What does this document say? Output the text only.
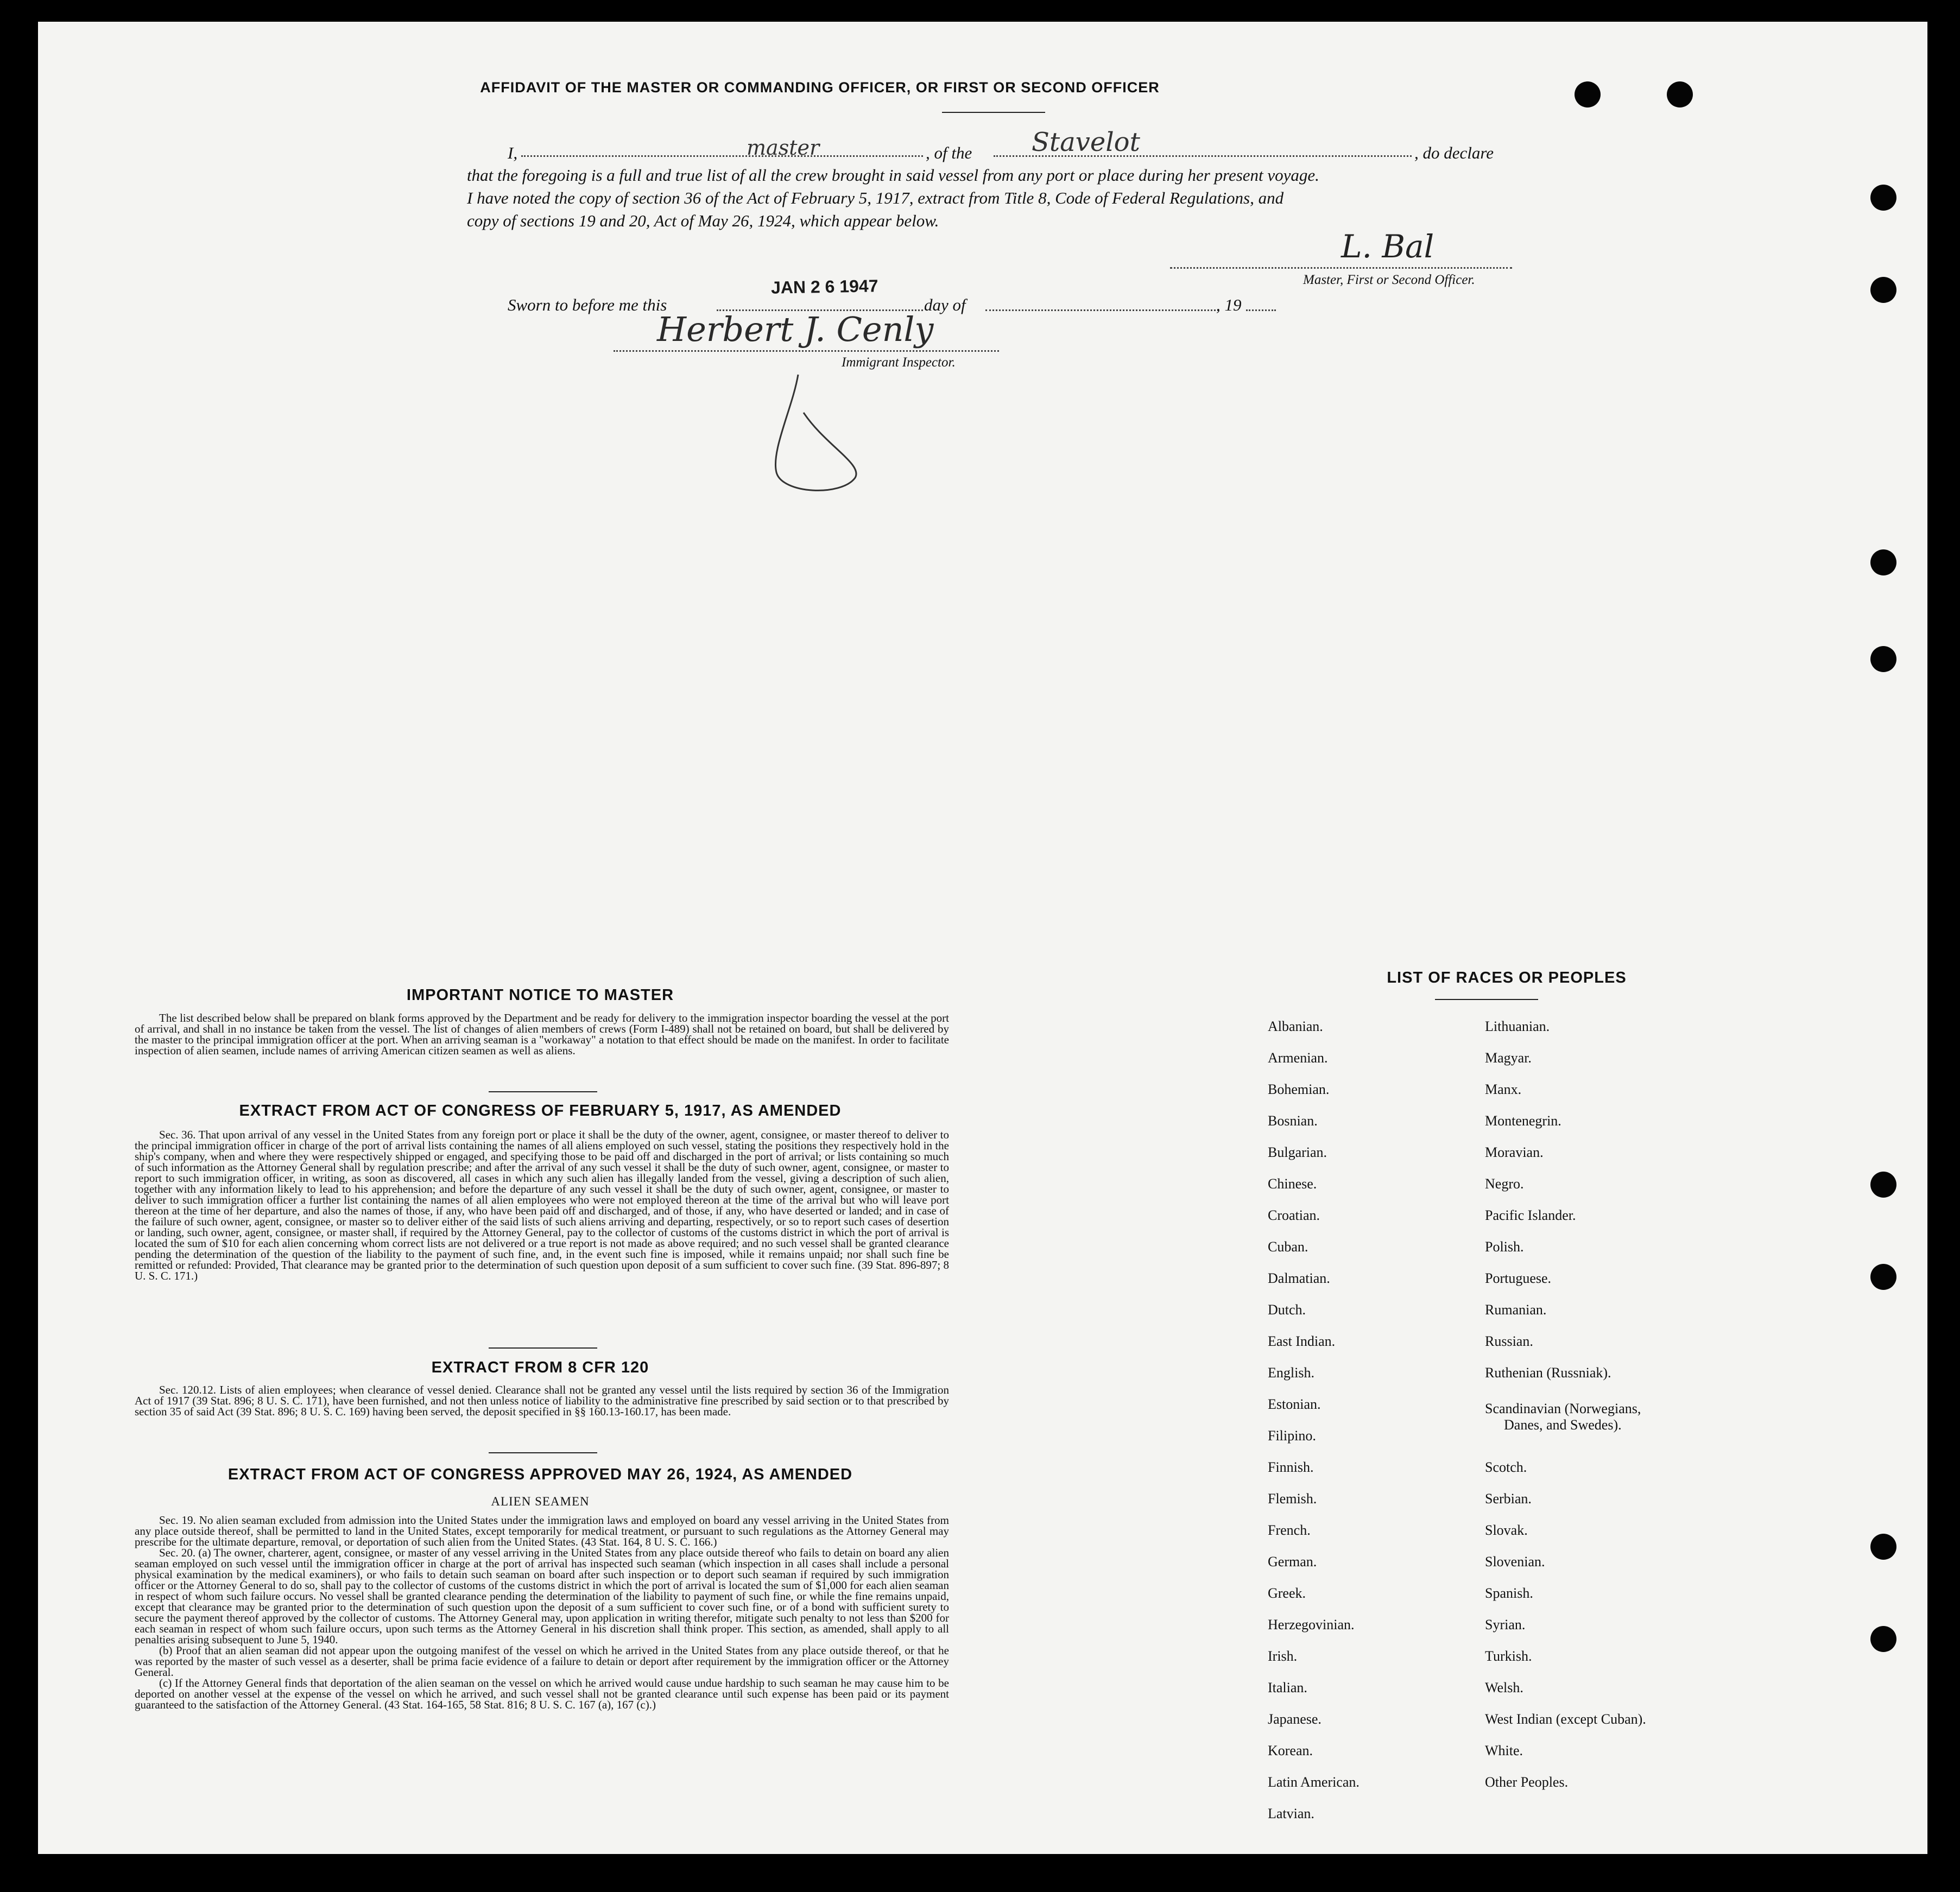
AFFIDAVIT OF THE MASTER OR COMMANDING OFFICER, OR FIRST OR SECOND OFFICER
I,	master	, of the Stavelot	, do declare

that the foregoing is a full and true list of all the crew brought in said vessel from any port or place during her present voyage.

I have noted the copy of section 36 of the Act of February 5, 1917, extract from Title 8, Code of Federal Regulations, and

copy of sections 19 and 20, Act of May 26, 1924, which appear below.

L. Bal
Master, First or Second Officer.
Sworn to before me this
JAN 2 6 1947
day of	, 19
Herbert J. Cenly
Immigrant Inspector.
IMPORTANT NOTICE TO MASTER
The list described below shall be prepared on blank forms approved by the Department and be ready for delivery to the immigration inspector boarding the vessel at the port of arrival, and shall in no instance be taken from the vessel. The list of changes of alien members of crews (Form I-489) shall not be retained on board, but shall be delivered by the master to the principal immigration officer at the port. When an arriving seaman is a "workaway" a notation to that effect should be made on the manifest. In order to facilitate inspection of alien seamen, include names of arriving American citizen seamen as well as aliens.
EXTRACT FROM ACT OF CONGRESS OF FEBRUARY 5, 1917, AS AMENDED
Sec. 36. That upon arrival of any vessel in the United States from any foreign port or place it shall be the duty of the owner, agent, consignee, or master thereof to deliver to the principal immigration officer in charge of the port of arrival lists containing the names of all aliens employed on such vessel, stating the positions they respectively hold in the ship's company, when and where they were respectively shipped or engaged, and specifying those to be paid off and discharged in the port of arrival; or lists containing so much of such information as the Attorney General shall by regulation prescribe; and after the arrival of any such vessel it shall be the duty of such owner, agent, consignee, or master to report to such immigration officer, in writing, as soon as discovered, all cases in which any such alien has illegally landed from the vessel, giving a description of such alien, together with any information likely to lead to his apprehension; and before the departure of any such vessel it shall be the duty of such owner, agent, consignee, or master to deliver to such immigration officer a further list containing the names of all alien employees who were not employed thereon at the time of the arrival but who will leave port thereon at the time of her departure, and also the names of those, if any, who have been paid off and discharged, and of those, if any, who have deserted or landed; and in case of the failure of such owner, agent, consignee, or master so to deliver either of the said lists of such aliens arriving and departing, respectively, or so to report such cases of desertion or landing, such owner, agent, consignee, or master shall, if required by the Attorney General, pay to the collector of customs of the customs district in which the port of arrival is located the sum of $10 for each alien concerning whom correct lists are not delivered or a true report is not made as above required; and no such vessel shall be granted clearance pending the determination of the question of the liability to the payment of such fine, and, in the event such fine is imposed, while it remains unpaid; nor shall such fine be remitted or refunded: Provided, That clearance may be granted prior to the determination of such question upon deposit of a sum sufficient to cover such fine. (39 Stat. 896-897; 8 U. S. C. 171.)
EXTRACT FROM 8 CFR 120
Sec. 120.12. Lists of alien employees; when clearance of vessel denied. Clearance shall not be granted any vessel until the lists required by section 36 of the Immigration Act of 1917 (39 Stat. 896; 8 U. S. C. 171), have been furnished, and not then unless notice of liability to the administrative fine prescribed by said section or to that prescribed by section 35 of said Act (39 Stat. 896; 8 U. S. C. 169) having been served, the deposit specified in §§ 160.13-160.17, has been made.
EXTRACT FROM ACT OF CONGRESS APPROVED MAY 26, 1924, AS AMENDED
ALIEN SEAMEN

Sec. 19. No alien seaman excluded from admission into the United States under the immigration laws and employed on board any vessel arriving in the United States from any place outside thereof, shall be permitted to land in the United States, except temporarily for medical treatment, or pursuant to such regulations as the Attorney General may prescribe for the ultimate departure, removal, or deportation of such alien from the United States. (43 Stat. 164, 8 U. S. C. 166.)

Sec. 20. (a) The owner, charterer, agent, consignee, or master of any vessel arriving in the United States from any place outside thereof who fails to detain on board any alien seaman employed on such vessel until the immigration officer in charge at the port of arrival has inspected such seaman (which inspection in all cases shall include a personal physical examination by the medical examiners), or who fails to detain such seaman on board after such inspection or to deport such seaman if required by such immigration officer or the Attorney General to do so, shall pay to the collector of customs of the customs district in which the port of arrival is located the sum of $1,000 for each alien seaman in respect of whom such failure occurs. No vessel shall be granted clearance pending the determination of the liability to payment of such fine, or while the fine remains unpaid, except that clearance may be granted prior to the determination of such question upon the deposit of a sum sufficient to cover such fine, or of a bond with sufficient surety to secure the payment thereof approved by the collector of customs. The Attorney General may, upon application in writing therefor, mitigate such penalty to not less than $200 for each seaman in respect of whom such failure occurs, upon such terms as the Attorney General in his discretion shall think proper. This section, as amended, shall apply to all penalties arising subsequent to June 5, 1940.

(b) Proof that an alien seaman did not appear upon the outgoing manifest of the vessel on which he arrived in the United States from any place outside thereof, or that he was reported by the master of such vessel as a deserter, shall be prima facie evidence of a failure to detain or deport after requirement by the immigration officer or the Attorney General.

(c) If the Attorney General finds that deportation of the alien seaman on the vessel on which he arrived would cause undue hardship to such seaman he may cause him to be deported on another vessel at the expense of the vessel on which he arrived, and such vessel shall not be granted clearance until such expense has been paid or its payment guaranteed to the satisfaction of the Attorney General. (43 Stat. 164-165, 58 Stat. 816; 8 U. S. C. 167 (a), 167 (c).)

LIST OF RACES OR PEOPLES
Albanian.
Armenian.
Bohemian.
Bosnian.
Bulgarian.
Chinese.
Croatian.
Cuban.
Dalmatian.
Dutch.
East Indian.
English.
Estonian.
Filipino.
Finnish.
Flemish.
French.
German.
Greek.
Herzegovinian.
Irish.
Italian.
Japanese.
Korean.
Latin American.
Latvian.
Lithuanian.
Magyar.
Manx.
Montenegrin.
Moravian.
Negro.
Pacific Islander.
Polish.
Portuguese.
Rumanian.
Russian.
Ruthenian (Russniak).
Scandinavian (Norwegians,
Danes, and Swedes).
Scotch.
Serbian.
Slovak.
Slovenian.
Spanish.
Syrian.
Turkish.
Welsh.
West Indian (except Cuban).
White.
Other Peoples.
